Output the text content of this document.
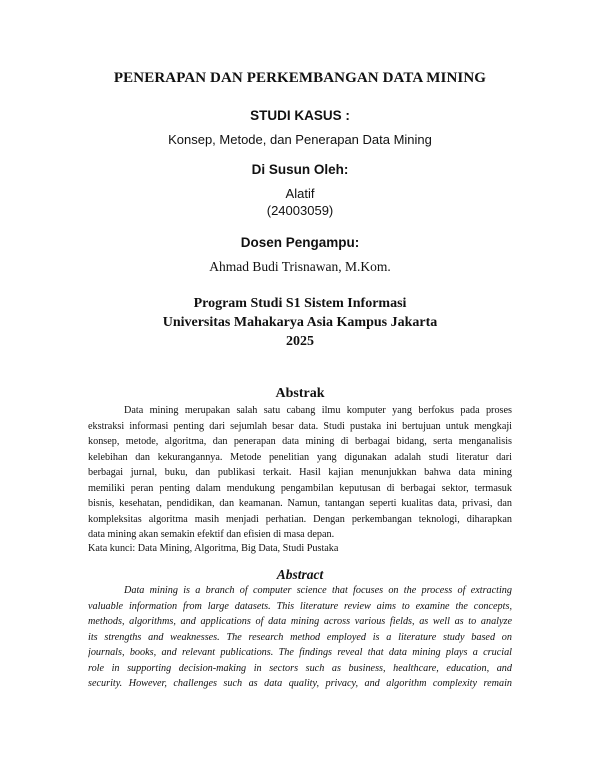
PENERAPAN DAN PERKEMBANGAN DATA MINING
STUDI KASUS :
Konsep, Metode, dan Penerapan Data Mining
Di Susun Oleh:
Alatif
(24003059)
Dosen Pengampu:
Ahmad Budi Trisnawan, M.Kom.
Program Studi S1 Sistem Informasi
Universitas Mahakarya Asia Kampus Jakarta
2025
Abstrak
Data mining merupakan salah satu cabang ilmu komputer yang berfokus pada proses
ekstraksi informasi penting dari sejumlah besar data. Studi pustaka ini bertujuan untuk mengkaji
konsep, metode, algoritma, dan penerapan data mining di berbagai bidang, serta menganalisis
kelebihan dan kekurangannya. Metode penelitian yang digunakan adalah studi literatur dari
berbagai jurnal, buku, dan publikasi terkait. Hasil kajian menunjukkan bahwa data mining
memiliki peran penting dalam mendukung pengambilan keputusan di berbagai sektor, termasuk
bisnis, kesehatan, pendidikan, dan keamanan. Namun, tantangan seperti kualitas data, privasi, dan
kompleksitas algoritma masih menjadi perhatian. Dengan perkembangan teknologi, diharapkan
data mining akan semakin efektif dan efisien di masa depan.
Kata kunci: Data Mining, Algoritma, Big Data, Studi Pustaka
Abstract
Data mining is a branch of computer science that focuses on the process of extracting
valuable information from large datasets. This literature review aims to examine the concepts,
methods, algorithms, and applications of data mining across various fields, as well as to analyze
its strengths and weaknesses. The research method employed is a literature study based on
journals, books, and relevant publications. The findings reveal that data mining plays a crucial
role in supporting decision-making in sectors such as business, healthcare, education, and
security. However, challenges such as data quality, privacy, and algorithm complexity remain
